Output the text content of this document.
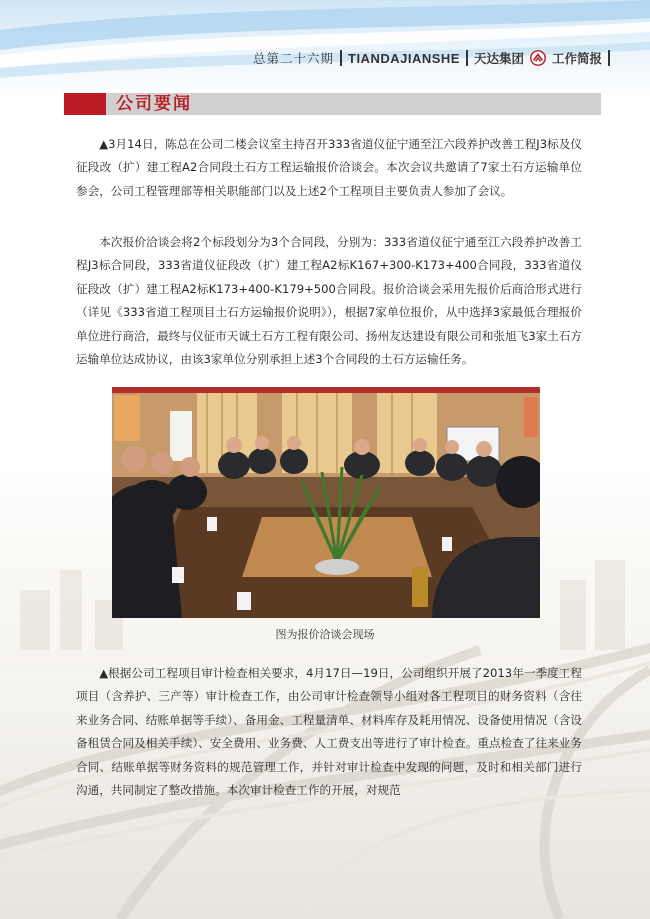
总第二十六期 TIANDAJIANSHE 天达集团 工作简报
公司要闻

▲3月14日，陈总在公司二楼会议室主持召开333省道仪征宁通至江六段养护改善工程J3标及仪征段改（扩）建工程A2合同段土石方工程运输报价洽谈会。本次会议共邀请了7家土石方运输单位参会，公司工程管理部等相关职能部门以及上述2个工程项目主要负责人参加了会议。

本次报价洽谈会将2个标段划分为3个合同段，分别为：333省道仪征宁通至江六段养护改善工程J3标合同段，333省道仪征段改（扩）建工程A2标K167+300-K173+400合同段，333省道仪征段改（扩）建工程A2标K173+400-K179+500合同段。报价洽谈会采用先报价后商洽形式进行（详见《333省道工程项目土石方运输报价说明》），根据7家单位报价，从中选择3家最低合理报价单位进行商洽，最终与仪征市天诚土石方工程有限公司、扬州友达建设有限公司和张旭飞3家土石方运输单位达成协议，由该3家单位分别承担上述3个合同段的土石方运输任务。

图为报价洽谈会现场

▲根据公司工程项目审计检查相关要求，4月17日—19日，公司组织开展了2013年一季度工程项目（含养护、三产等）审计检查工作，由公司审计检查领导小组对各工程项目的财务资料（含往来业务合同、结账单据等手续）、备用金、工程量清单、材料库存及耗用情况、设备使用情况（含设备租赁合同及相关手续）、安全费用、业务费、人工费支出等进行了审计检查。重点检查了往来业务合同、结账单据等财务资料的规范管理工作，并针对审计检查中发现的问题，及时和相关部门进行沟通，共同制定了整改措施。本次审计检查工作的开展，对规范
